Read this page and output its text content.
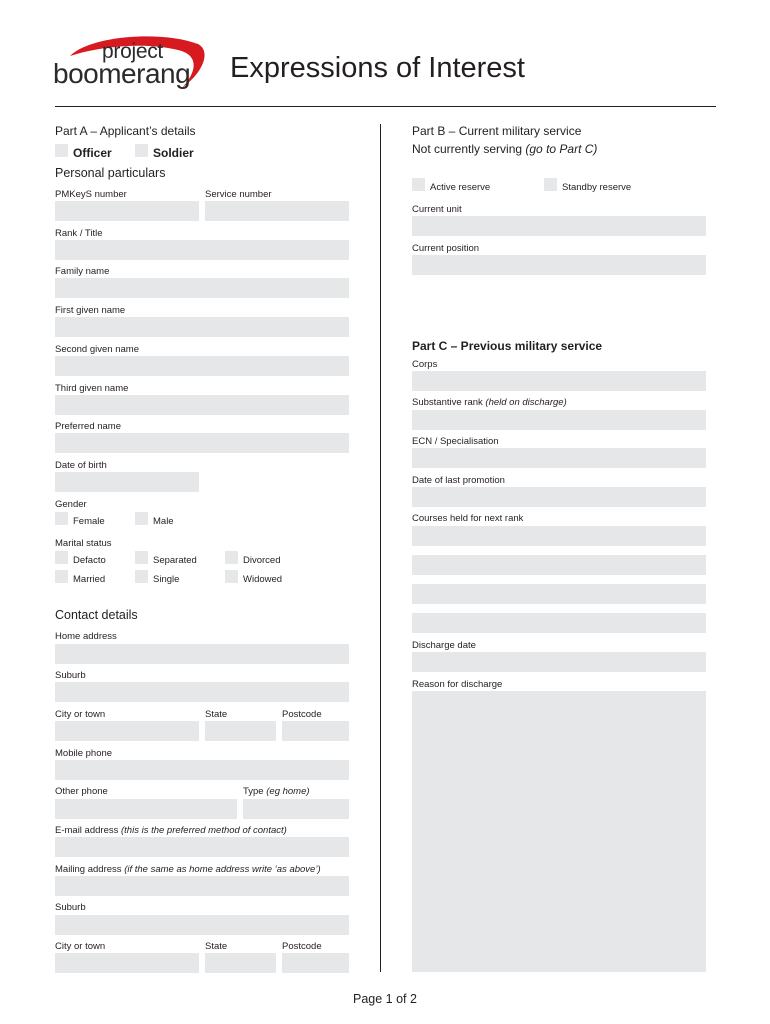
project
boomerang Expressions of Interest
Part A – Applicant’s details
Officer	Soldier
Personal particulars
PMKeyS number	Service number
Rank / Title
Family name
First given name
Second given name
Third given name
Preferred name
Date of birth
Gender
Female	Male
Marital status
Defacto	Separated	Divorced
Married	Single	Widowed
Contact details
Home address
Suburb
City or town	State	Postcode
Mobile phone
Other phone	Type (eg home)
E-mail address (this is the preferred method of contact)
Mailing address (if the same as home address write ‘as above’)
Suburb
City or town	State	Postcode
Part B – Current military service
Not currently serving (go to Part C)
Active reserve	Standby reserve
Current unit
Current position
Part C – Previous military service
Corps
Substantive rank (held on discharge)
ECN / Specialisation
Date of last promotion
Courses held for next rank
Discharge date
Reason for discharge
Page 1 of 2
